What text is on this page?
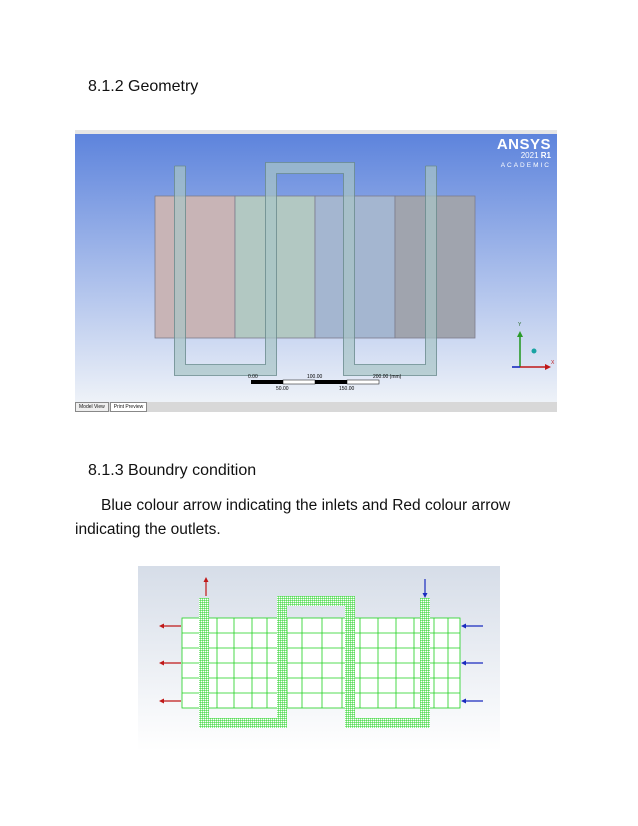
8.1.2 Geometry
0.00	100.00	200.00 (mm)
50.00	150.00
Y
X
ANSYS
2021 R1
ACADEMIC
Model View	Print Preview
8.1.3 Boundry condition
Blue colour arrow indicating the inlets and Red colour arrow indicating the outlets.
